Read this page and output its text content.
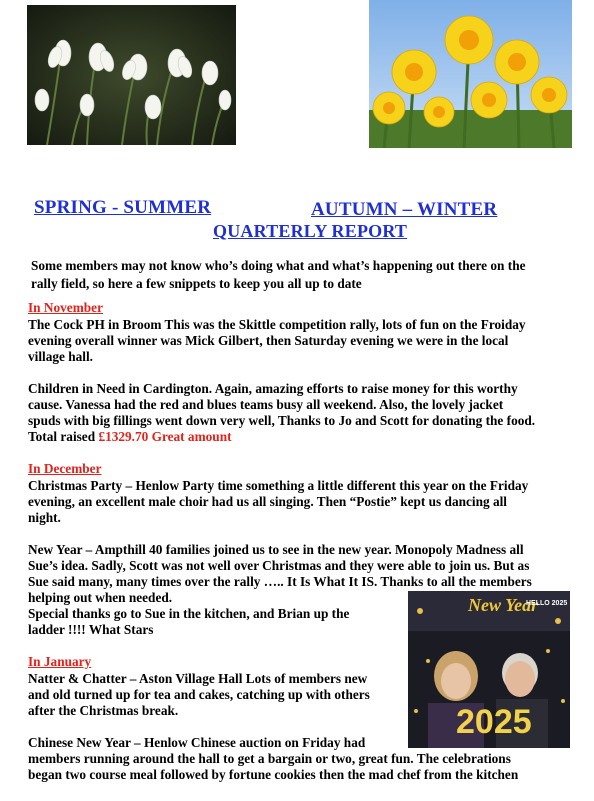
SPRING - SUMMER	AUTUMN – WINTER
QUARTERLY REPORT
Some members may not know who’s doing what and what’s happening out there on the
rally field, so here a few snippets to keep you all up to date
In November
The Cock PH in Broom This was the Skittle competition rally, lots of fun on the Froiday
evening overall winner was Mick Gilbert, then Saturday evening we were in the local
village hall.
Children in Need in Cardington. Again, amazing efforts to raise money for this worthy
cause. Vanessa had the red and blues teams busy all weekend. Also, the lovely jacket
spuds with big fillings went down very well, Thanks to Jo and Scott for donating the food.
Total raised £1329.70 Great amount
In December
Christmas Party – Henlow Party time something a little different this year on the Friday
evening, an excellent male choir had us all singing. Then “Postie” kept us dancing all
night.
New Year – Ampthill 40 families joined us to see in the new year. Monopoly Madness all
Sue’s idea. Sadly, Scott was not well over Christmas and they were able to join us. But as
Sue said many, many times over the rally ….. It Is What It IS. Thanks to all the members
helping out when needed.
Special thanks go to Sue in the kitchen, and Brian up the
ladder !!!! What Stars
In January
Natter & Chatter – Aston Village Hall Lots of members new
and old turned up for tea and cakes, catching up with others
after the Christmas break.
Chinese New Year – Henlow Chinese auction on Friday had
members running around the hall to get a bargain or two, great fun. The celebrations
began two course meal followed by fortune cookies then the mad chef from the kitchen
New Year
HELLO 2025
2025
